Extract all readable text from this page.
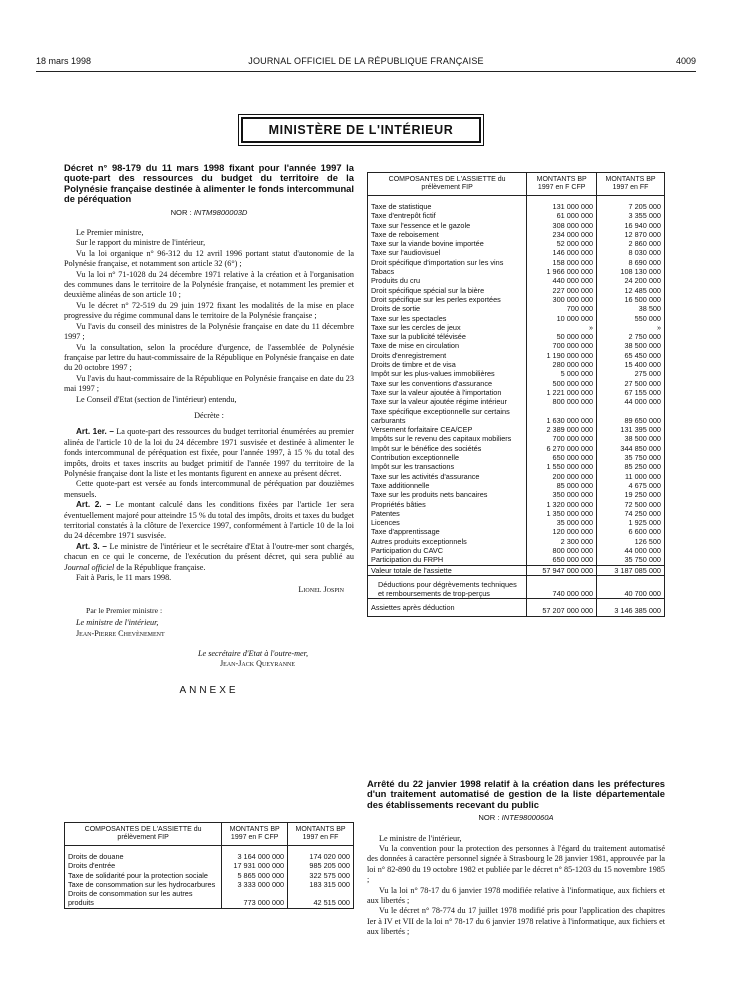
18 mars 1998	JOURNAL OFFICIEL DE LA RÉPUBLIQUE FRANÇAISE	4009
MINISTÈRE DE L'INTÉRIEUR

Décret n° 98-179 du 11 mars 1998 fixant pour l'année 1997 la quote-part des ressources du budget du territoire de la Polynésie française destinée à alimenter le fonds intercommunal de péréquation

NOR : INTM9800003D

Le Premier ministre,

Sur le rapport du ministre de l'intérieur,

Vu la loi organique n° 96-312 du 12 avril 1996 portant statut d'autonomie de la Polynésie française, et notamment son article 32 (6°) ;

Vu la loi n° 71-1028 du 24 décembre 1971 relative à la création et à l'organisation des communes dans le territoire de la Polynésie française, et notamment les premier et deuxième alinéas de son article 10 ;

Vu le décret n° 72-519 du 29 juin 1972 fixant les modalités de la mise en place progressive du régime communal dans le territoire de la Polynésie française ;

Vu l'avis du conseil des ministres de la Polynésie française en date du 11 décembre 1997 ;

Vu la consultation, selon la procédure d'urgence, de l'assemblée de Polynésie française par lettre du haut-commissaire de la République en Polynésie française en date du 20 octobre 1997 ;

Vu l'avis du haut-commissaire de la République en Polynésie française en date du 23 mai 1997 ;

Le Conseil d'Etat (section de l'intérieur) entendu,

Décrète :

Art. 1er. – La quote-part des ressources du budget territorial énumérées au premier alinéa de l'article 10 de la loi du 24 décembre 1971 susvisée et destinée à alimenter le fonds intercommunal de péréquation est fixée, pour l'année 1997, à 15 % du total des impôts, droits et taxes inscrits au budget primitif de l'année 1997 du territoire de la Polynésie française dont la liste et les montants figurent en annexe au présent décret.

Cette quote-part est versée au fonds intercommunal de péréquation par douzièmes mensuels.

Art. 2. – Le montant calculé dans les conditions fixées par l'article 1er sera éventuellement majoré pour atteindre 15 % du total des impôts, droits et taxes du budget territorial constatés à la clôture de l'exercice 1997, conformément à l'article 10 de la loi du 24 décembre 1971 susvisée.

Art. 3. – Le ministre de l'intérieur et le secrétaire d'Etat à l'outre-mer sont chargés, chacun en ce qui le concerne, de l'exécution du présent décret, qui sera publié au Journal officiel de la République française.

Fait à Paris, le 11 mars 1998.

Lionel Jospin

Par le Premier ministre :

Le ministre de l'intérieur,

Jean-Pierre Chevènement

Le secrétaire d'Etat à l'outre-mer,

Jean-Jack Queyranne

ANNEXE
COMPOSANTES DE L'ASSIETTE du prélèvement FIP	MONTANTS BP 1997 en F CFP	MONTANTS BP 1997 en FF

Droits de douane	3 164 000 000	174 020 000
Droits d'entrée	17 931 000 000	985 205 000
Taxe de solidarité pour la protection sociale	5 865 000 000	322 575 000
Taxe de consommation sur les hydrocarbures	3 333 000 000	183 315 000
Droits de consommation sur les autres produits	773 000 000	42 515 000
COMPOSANTES DE L'ASSIETTE du prélèvement FIP	MONTANTS BP 1997 en F CFP	MONTANTS BP 1997 en FF

Taxe de statistique	131 000 000	7 205 000
Taxe d'entrepôt fictif	61 000 000	3 355 000
Taxe sur l'essence et le gazole	308 000 000	16 940 000
Taxe de reboisement	234 000 000	12 870 000
Taxe sur la viande bovine importée	52 000 000	2 860 000
Taxe sur l'audiovisuel	146 000 000	8 030 000
Droit spécifique d'importation sur les vins	158 000 000	8 690 000
Tabacs	1 966 000 000	108 130 000
Produits du cru	440 000 000	24 200 000
Droit spécifique spécial sur la bière	227 000 000	12 485 000
Droit spécifique sur les perles exportées	300 000 000	16 500 000
Droits de sortie	700 000	38 500
Taxe sur les spectacles	10 000 000	550 000
Taxe sur les cercles de jeux	»	»
Taxe sur la publicité télévisée	50 000 000	2 750 000
Taxe de mise en circulation	700 000 000	38 500 000
Droits d'enregistrement	1 190 000 000	65 450 000
Droits de timbre et de visa	280 000 000	15 400 000
Impôt sur les plus-values immobilières	5 000 000	275 000
Taxe sur les conventions d'assurance	500 000 000	27 500 000
Taxe sur la valeur ajoutée à l'importation	1 221 000 000	67 155 000
Taxe sur la valeur ajoutée régime intérieur	800 000 000	44 000 000
Taxe spécifique exceptionnelle sur certains carburants	1 630 000 000	89 650 000
Versement forfaitaire CEA/CEP	2 389 000 000	131 395 000
Impôts sur le revenu des capitaux mobiliers	700 000 000	38 500 000
Impôt sur le bénéfice des sociétés	6 270 000 000	344 850 000
Contribution exceptionnelle	650 000 000	35 750 000
Impôt sur les transactions	1 550 000 000	85 250 000
Taxe sur les activités d'assurance	200 000 000	11 000 000
Taxe additionnelle	85 000 000	4 675 000
Taxe sur les produits nets bancaires	350 000 000	19 250 000
Propriétés bâties	1 320 000 000	72 500 000
Patentes	1 350 000 000	74 250 000
Licences	35 000 000	1 925 000
Taxe d'apprentissage	120 000 000	6 600 000
Autres produits exceptionnels	2 300 000	126 500
Participation du CAVC	800 000 000	44 000 000
Participation du FRPH	650 000 000	35 750 000

Valeur totale de l'assiette	57 947 000 000	3 187 085 000

Déductions pour dégrèvements techniques et remboursements de trop-perçus	740 000 000	40 700 000

Assiettes après déduction	57 207 000 000	3 146 385 000

Arrêté du 22 janvier 1998 relatif à la création dans les préfectures d'un traitement automatisé de gestion de la liste départementale des établissements recevant du public

NOR : INTE9800060A

Le ministre de l'intérieur,

Vu la convention pour la protection des personnes à l'égard du traitement automatisé des données à caractère personnel signée à Strasbourg le 28 janvier 1981, approuvée par la loi n° 82-890 du 19 octobre 1982 et publiée par le décret n° 85-1203 du 15 novembre 1985 ;

Vu la loi n° 78-17 du 6 janvier 1978 modifiée relative à l'informatique, aux fichiers et aux libertés ;

Vu le décret n° 78-774 du 17 juillet 1978 modifié pris pour l'application des chapitres Ier à IV et VII de la loi n° 78-17 du 6 janvier 1978 relative à l'informatique, aux fichiers et aux libertés ;
